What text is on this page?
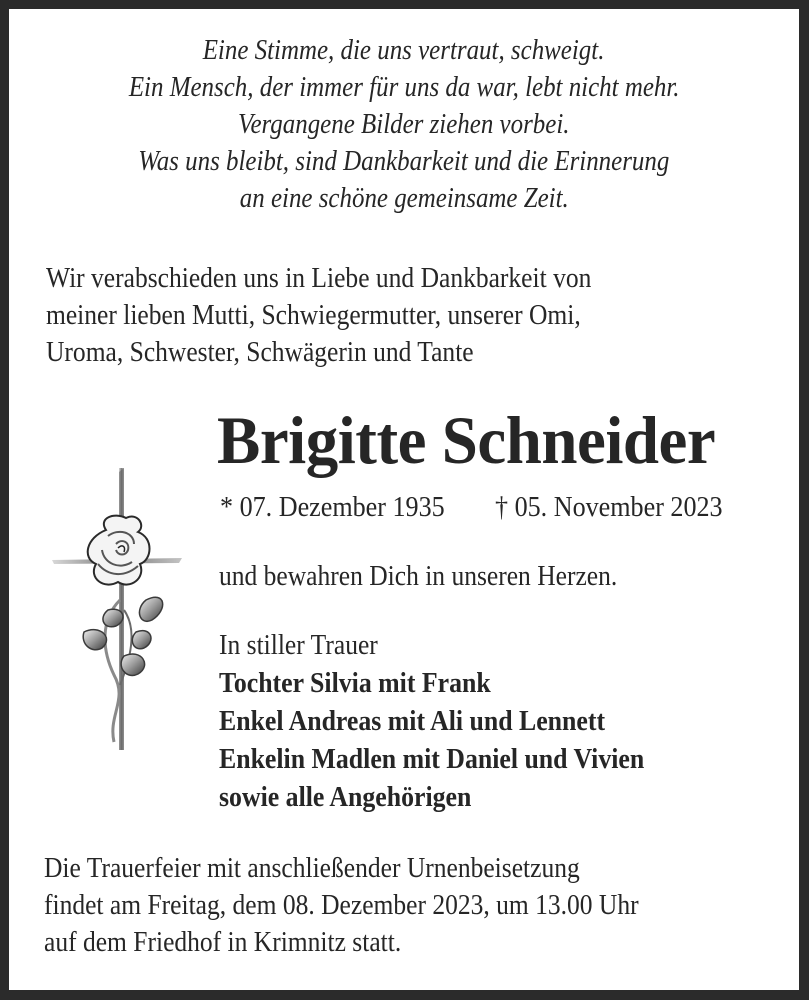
Eine Stimme, die uns vertraut, schweigt.
Ein Mensch, der immer für uns da war, lebt nicht mehr.
Vergangene Bilder ziehen vorbei.
Was uns bleibt, sind Dankbarkeit und die Erinnerung
an eine schöne gemeinsame Zeit.
Wir verabschieden uns in Liebe und Dankbarkeit von
meiner lieben Mutti, Schwiegermutter, unserer Omi,
Uroma, Schwester, Schwägerin und Tante
Brigitte Schneider
* 07. Dezember 1935 † 05. November 2023
und bewahren Dich in unseren Herzen.
In stiller Trauer
Tochter Silvia mit Frank
Enkel Andreas mit Ali und Lennett
Enkelin Madlen mit Daniel und Vivien
sowie alle Angehörigen
Die Trauerfeier mit anschließender Urnenbeisetzung
findet am Freitag, dem 08. Dezember 2023, um 13.00 Uhr
auf dem Friedhof in Krimnitz statt.
